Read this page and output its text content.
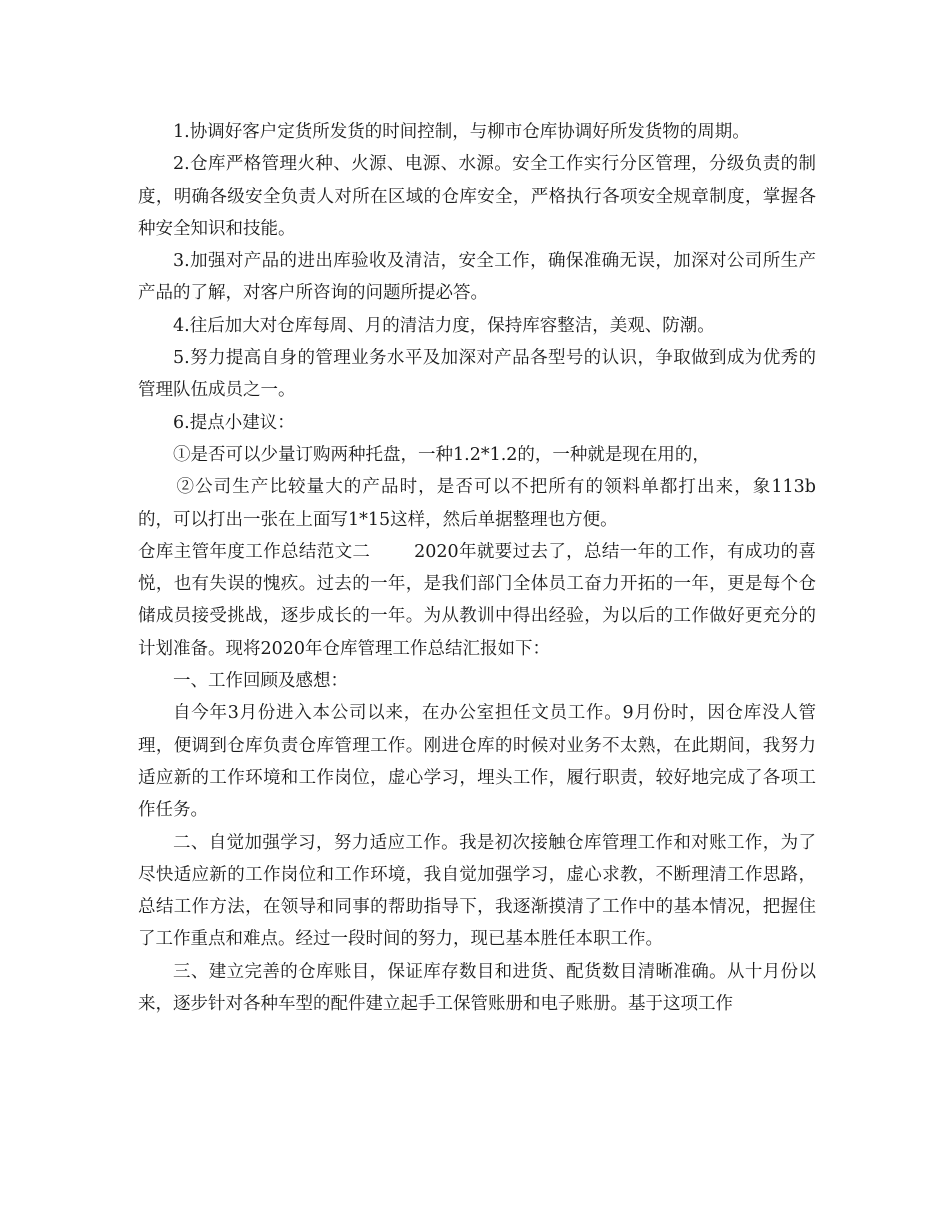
1.协调好客户定货所发货的时间控制，与柳市仓库协调好所发货物的周期。

2.仓库严格管理火种、火源、电源、水源。安全工作实行分区管理，分级负责的制度，明确各级安全负责人对所在区域的仓库安全，严格执行各项安全规章制度，掌握各种安全知识和技能。

3.加强对产品的进出库验收及清洁，安全工作，确保准确无误，加深对公司所生产产品的了解，对客户所咨询的问题所提必答。

4.往后加大对仓库每周、月的清洁力度，保持库容整洁，美观、防潮。

5.努力提高自身的管理业务水平及加深对产品各型号的认识，争取做到成为优秀的管理队伍成员之一。

6.提点小建议：

①是否可以少量订购两种托盘，一种1.2*1.2的，一种就是现在用的，

②公司生产比较量大的产品时，是否可以不把所有的领料单都打出来，象113b的，可以打出一张在上面写1*15这样，然后单据整理也方便。

仓库主管年度工作总结范文二	2020年就要过去了，总结一年的工作，有成功的喜悦，也有失误的愧疚。过去的一年，是我们部门全体员工奋力开拓的一年，更是每个仓储成员接受挑战，逐步成长的一年。为从教训中得出经验，为以后的工作做好更充分的计划准备。现将2020年仓库管理工作总结汇报如下：

一、工作回顾及感想：

自今年3月份进入本公司以来，在办公室担任文员工作。9月份时，因仓库没人管理，便调到仓库负责仓库管理工作。刚进仓库的时候对业务不太熟，在此期间，我努力适应新的工作环境和工作岗位，虚心学习，埋头工作，履行职责，较好地完成了各项工作任务。

二、自觉加强学习，努力适应工作。我是初次接触仓库管理工作和对账工作，为了尽快适应新的工作岗位和工作环境，我自觉加强学习，虚心求教，不断理清工作思路，总结工作方法，在领导和同事的帮助指导下，我逐渐摸清了工作中的基本情况，把握住了工作重点和难点。经过一段时间的努力，现已基本胜任本职工作。

三、建立完善的仓库账目，保证库存数目和进货、配货数目清晰准确。从十月份以来，逐步针对各种车型的配件建立起手工保管账册和电子账册。基于这项工作
